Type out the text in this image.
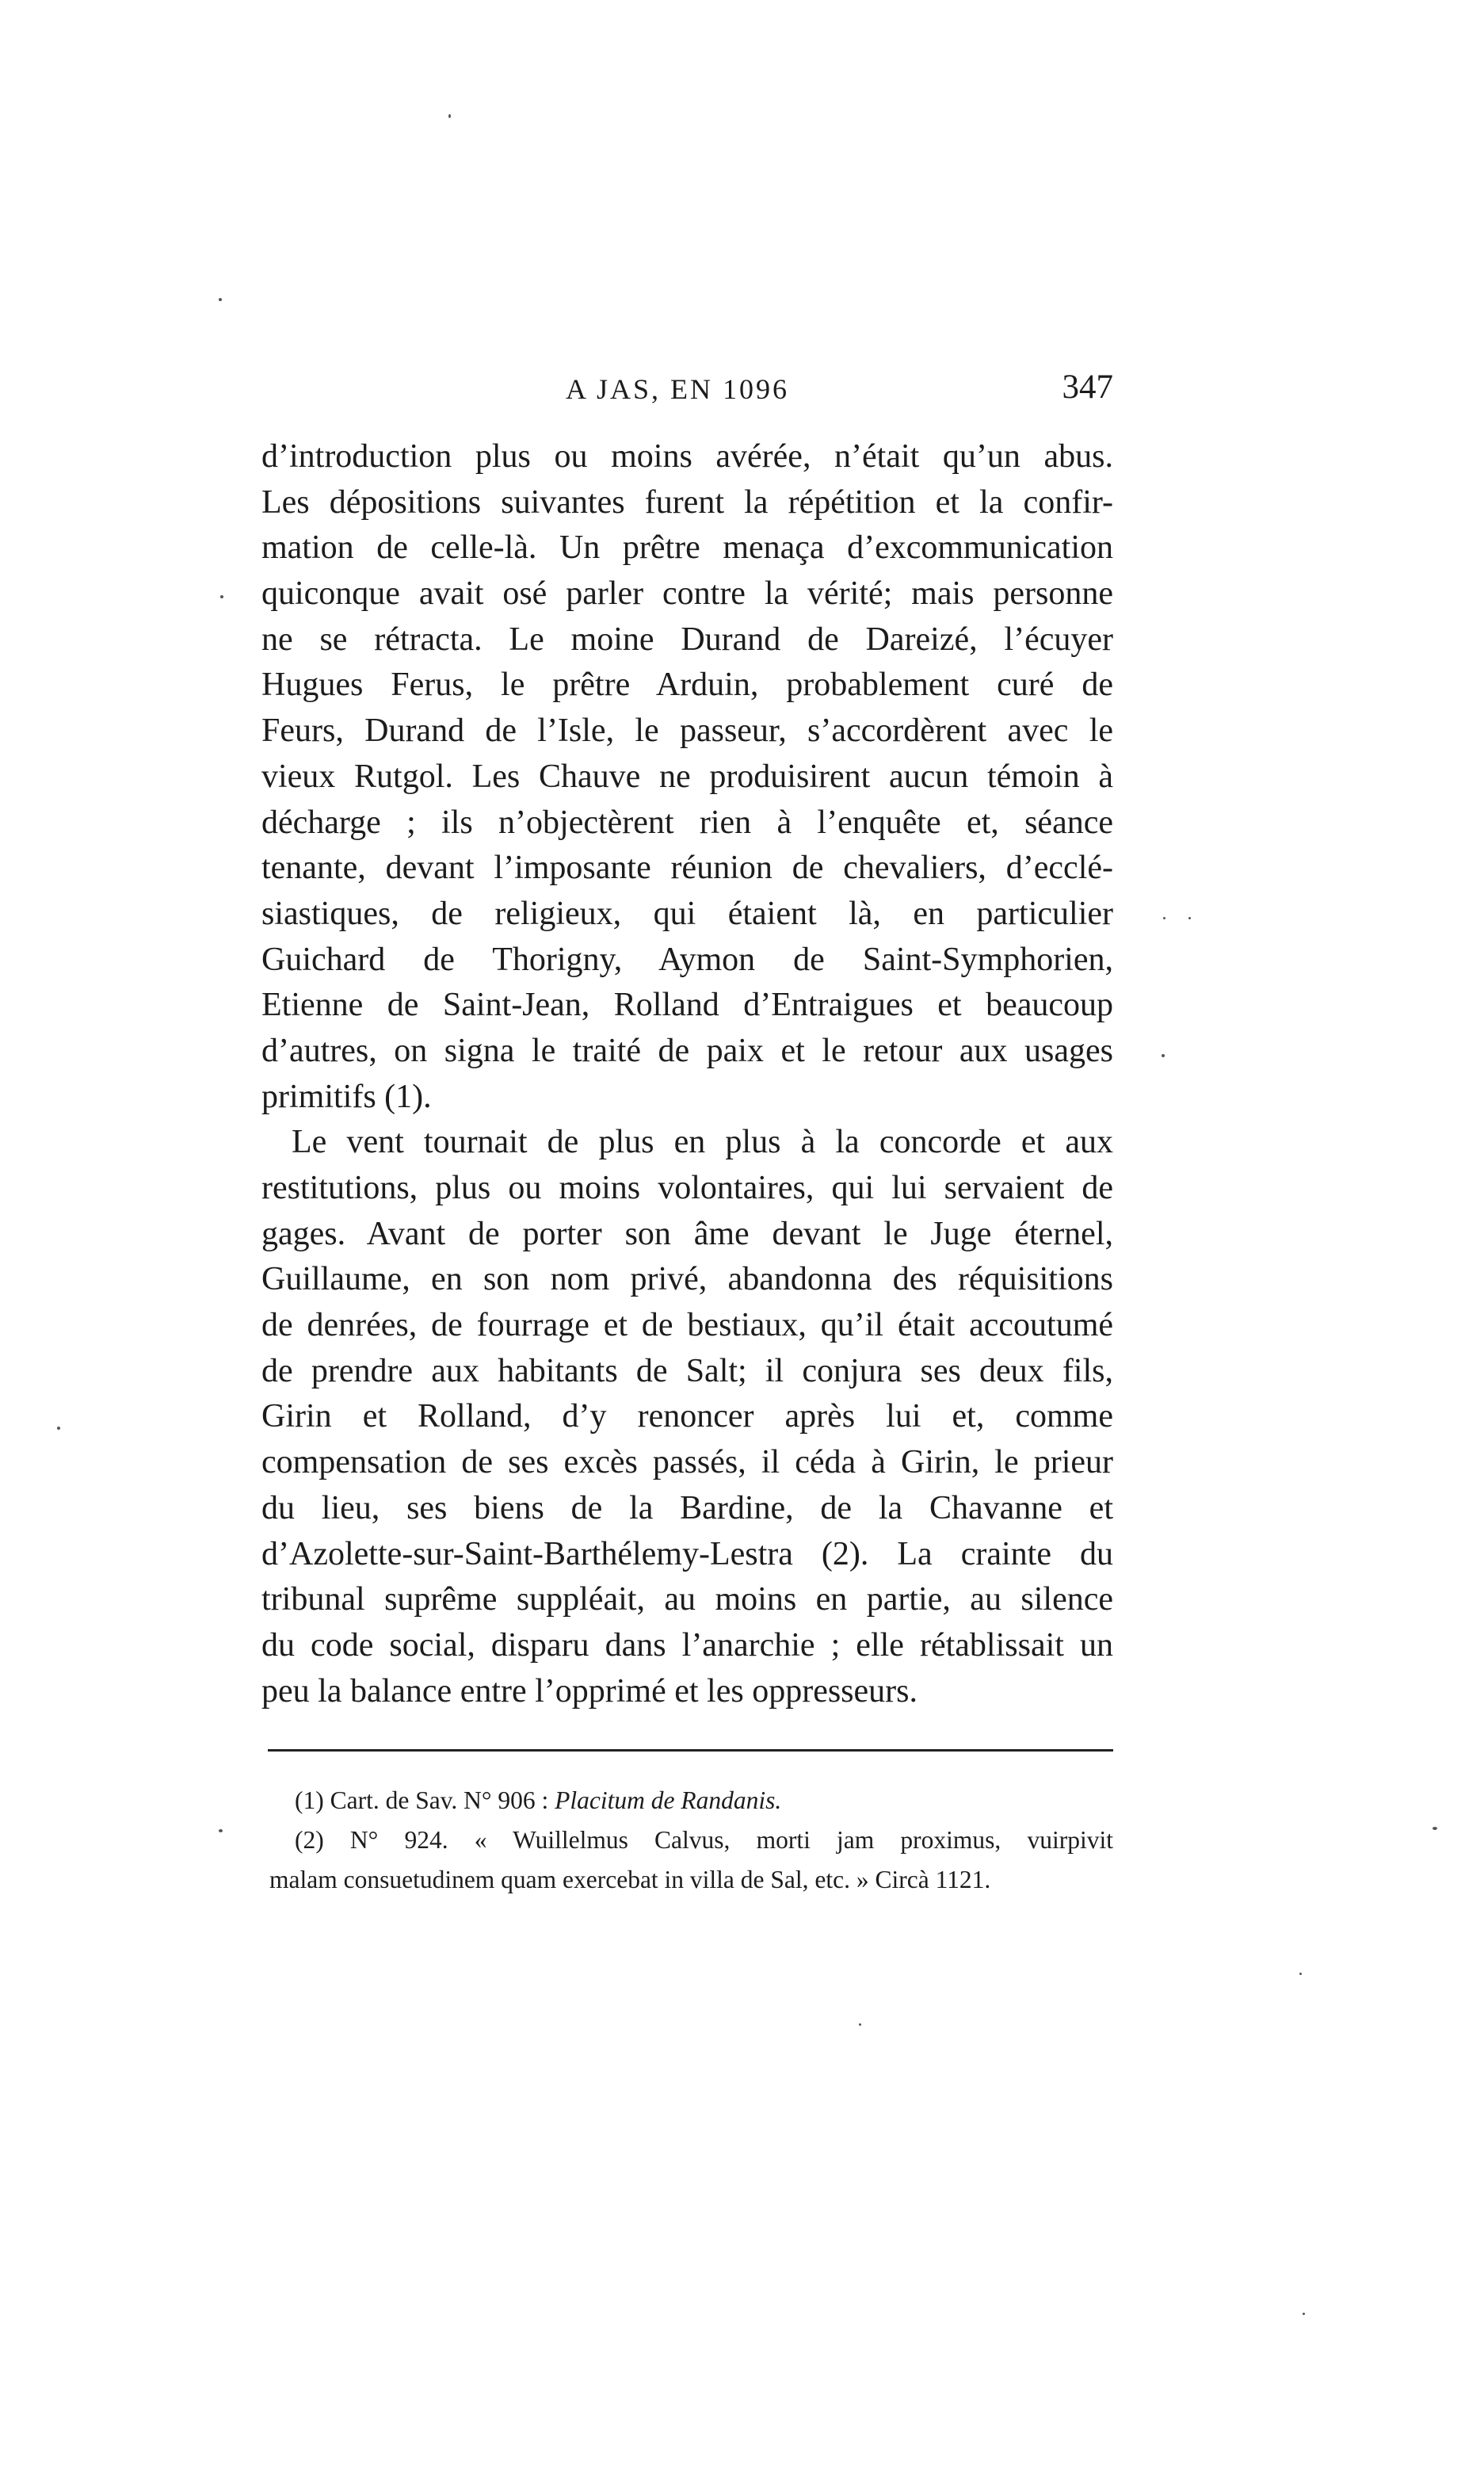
A JAS, EN 1096	347
d’introduction plus ou moins avérée, n’était qu’un abus.
Les dépositions suivantes furent la répétition et la confir-
mation de celle-là. Un prêtre menaça d’excommunication
quiconque avait osé parler contre la vérité; mais personne
ne se rétracta. Le moine Durand de Dareizé, l’écuyer
Hugues Ferus, le prêtre Arduin, probablement curé de
Feurs, Durand de l’Isle, le passeur, s’accordèrent avec le
vieux Rutgol. Les Chauve ne produisirent aucun témoin à
décharge ; ils n’objectèrent rien à l’enquête et, séance
tenante, devant l’imposante réunion de chevaliers, d’ecclé-
siastiques, de religieux, qui étaient là, en particulier
Guichard de Thorigny, Aymon de Saint-Symphorien,
Etienne de Saint-Jean, Rolland d’Entraigues et beaucoup
d’autres, on signa le traité de paix et le retour aux usages
primitifs (1).
Le vent tournait de plus en plus à la concorde et aux
restitutions, plus ou moins volontaires, qui lui servaient de
gages. Avant de porter son âme devant le Juge éternel,
Guillaume, en son nom privé, abandonna des réquisitions
de denrées, de fourrage et de bestiaux, qu’il était accoutumé
de prendre aux habitants de Salt; il conjura ses deux fils,
Girin et Rolland, d’y renoncer après lui et, comme
compensation de ses excès passés, il céda à Girin, le prieur
du lieu, ses biens de la Bardine, de la Chavanne et
d’Azolette-sur-Saint-Barthélemy-Lestra (2). La crainte du
tribunal suprême suppléait, au moins en partie, au silence
du code social, disparu dans l’anarchie ; elle rétablissait un
peu la balance entre l’opprimé et les oppresseurs.
(1) Cart. de Sav. N° 906 : Placitum de Randanis.
(2) N° 924. « Wuillelmus Calvus, morti jam proximus, vuirpivit
malam consuetudinem quam exercebat in villa de Sal, etc. » Circà 1121.
